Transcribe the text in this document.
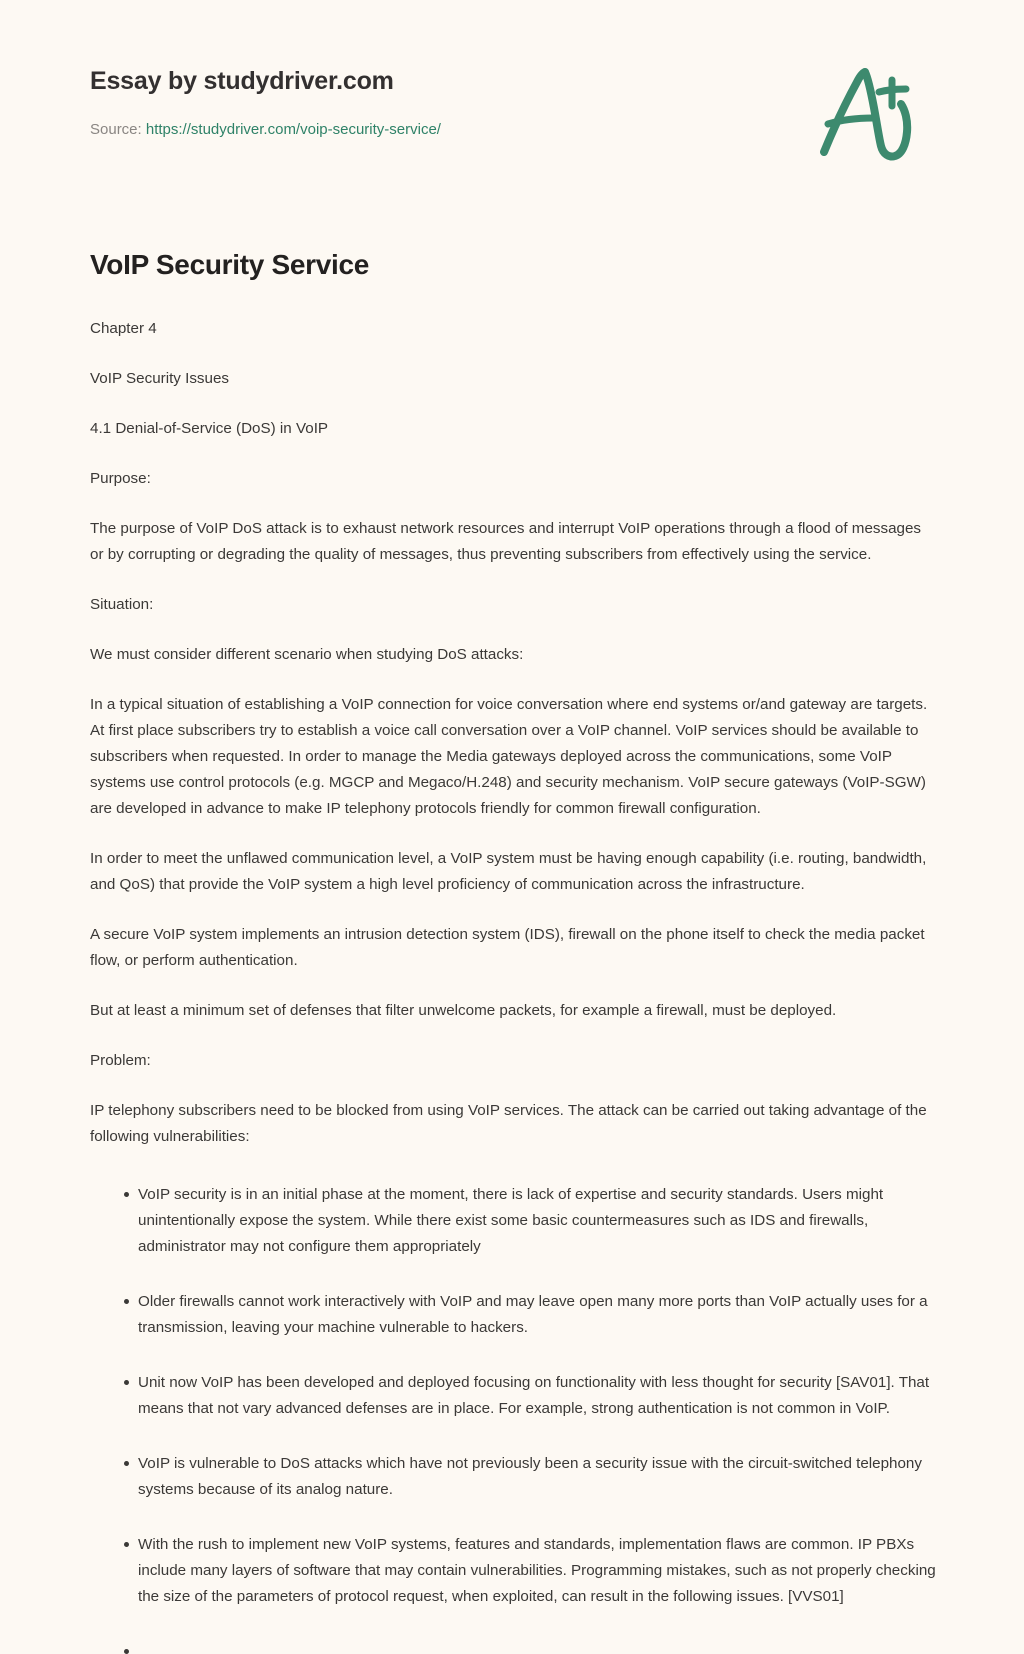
Essay by studydriver.com
Source: https://studydriver.com/voip-security-service/
VoIP Security Service

Chapter 4

VoIP Security Issues

4.1 Denial-of-Service (DoS) in VoIP

Purpose:

The purpose of VoIP DoS attack is to exhaust network resources and interrupt VoIP operations through a flood of messages or by corrupting or degrading the quality of messages, thus preventing subscribers from effectively using the service.

Situation:

We must consider different scenario when studying DoS attacks:

In a typical situation of establishing a VoIP connection for voice conversation where end systems or/and gateway are targets. At first place subscribers try to establish a voice call conversation over a VoIP channel. VoIP services should be available to subscribers when requested. In order to manage the Media gateways deployed across the communications, some VoIP systems use control protocols (e.g. MGCP and Megaco/H.248) and security mechanism. VoIP secure gateways (VoIP-SGW) are developed in advance to make IP telephony protocols friendly for common firewall configuration.

In order to meet the unflawed communication level, a VoIP system must be having enough capability (i.e. routing, bandwidth, and QoS) that provide the VoIP system a high level proficiency of communication across the infrastructure.

A secure VoIP system implements an intrusion detection system (IDS), firewall on the phone itself to check the media packet flow, or perform authentication.

But at least a minimum set of defenses that filter unwelcome packets, for example a firewall, must be deployed.

Problem:

IP telephony subscribers need to be blocked from using VoIP services. The attack can be carried out taking advantage of the following vulnerabilities:

VoIP security is in an initial phase at the moment, there is lack of expertise and security standards. Users might unintentionally expose the system. While there exist some basic countermeasures such as IDS and firewalls, administrator may not configure them appropriately
Older firewalls cannot work interactively with VoIP and may leave open many more ports than VoIP actually uses for a transmission, leaving your machine vulnerable to hackers.
Unit now VoIP has been developed and deployed focusing on functionality with less thought for security [SAV01]. That means that not vary advanced defenses are in place. For example, strong authentication is not common in VoIP.
VoIP is vulnerable to DoS attacks which have not previously been a security issue with the circuit-switched telephony systems because of its analog nature.
With the rush to implement new VoIP systems, features and standards, implementation flaws are common. IP PBXs include many layers of software that may contain vulnerabilities. Programming mistakes, such as not properly checking the size of the parameters of protocol request, when exploited, can result in the following issues. [VVS01]
